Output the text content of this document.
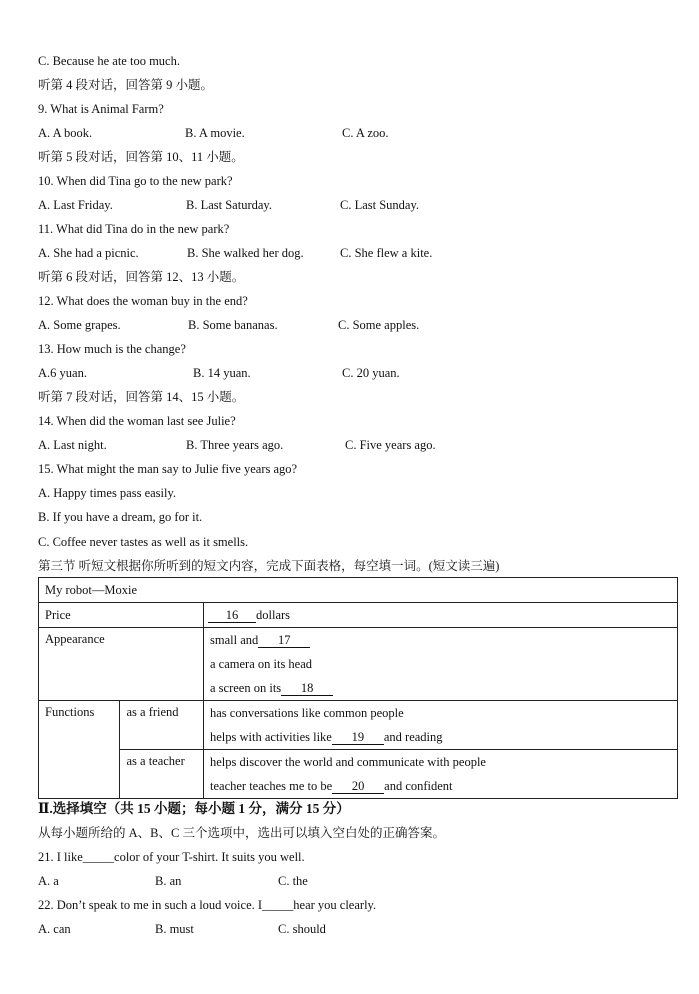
C. Because he ate too much.
听第 4 段对话，回答第 9 小题。
9. What is Animal Farm?
A. A book.	B. A movie.	C. A zoo.
听第 5 段对话，回答第 10、11 小题。
10. When did Tina go to the new park?
A. Last Friday.	B. Last Saturday.	C. Last Sunday.
11. What did Tina do in the new park?
A. She had a picnic.	B. She walked her dog.	C. She flew a kite.
听第 6 段对话，回答第 12、13 小题。
12. What does the woman buy in the end?
A. Some grapes.	B. Some bananas.	C. Some apples.
13. How much is the change?
A.6 yuan.	B. 14 yuan.	C. 20 yuan.
听第 7 段对话，回答第 14、15 小题。
14. When did the woman last see Julie?
A. Last night.	B. Three years ago.	C. Five years ago.
15. What might the man say to Julie five years ago?
A. Happy times pass easily.
B. If you have a dream, go for it.
C. Coffee never tastes as well as it smells.
第三节 听短文根据你所听到的短文内容，完成下面表格，每空填一词。(短文读三遍)
My robot—Moxie		
Price		16 dollars
Appearance		small and 17
a camera on its head
a screen on its 18

Functions	as a friend	has conversations like common people
helps with activities like 19 and reading

	as a teacher	helps discover the world and communicate with people
teacher teaches me to be 20 and confident
Ⅱ.选择填空（共 15 小题；每小题 1 分，满分 15 分）
从每小题所给的 A、B、C 三个选项中，选出可以填入空白处的正确答案。
21. I like_____color of your T-shirt. It suits you well.
A. a	B. an	C. the
22. Don’t speak to me in such a loud voice. I_____hear you clearly.
A. can	B. must	C. should
